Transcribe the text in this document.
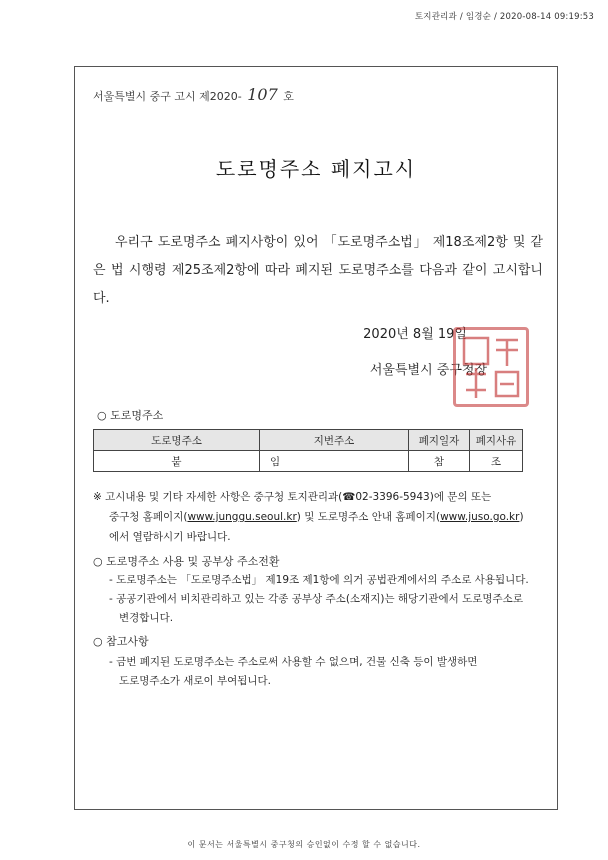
토지관리과 / 임경순 / 2020-08-14 09:19:53
서울특별시 중구 고시 제2020- 107 호
도로명주소 폐지고시
우리구 도로명주소 폐지사항이 있어 「도로명주소법」 제18조제2항 및 같은 법 시행령 제25조제2항에 따라 폐지된 도로명주소를 다음과 같이 고시합니다.
2020년 8월 19일
서울특별시 중구청장
○ 도로명주소
도로명주소	지번주소	폐지일자	폐지사유
붙	임	참	조
※ 고시내용 및 기타 자세한 사항은 중구청 토지관리과(☎02-3396-5943)에 문의 또는
중구청 홈페이지(www.junggu.seoul.kr) 및 도로명주소 안내 홈페이지(www.juso.go.kr)
에서 열람하시기 바랍니다.
○ 도로명주소 사용 및 공부상 주소전환
- 도로명주소는 「도로명주소법」 제19조 제1항에 의거 공법관계에서의 주소로 사용됩니다.
- 공공기관에서 비치관리하고 있는 각종 공부상 주소(소재지)는 해당기관에서 도로명주소로
변경합니다.
○ 참고사항
- 금번 폐지된 도로명주소는 주소로써 사용할 수 없으며, 건물 신축 등이 발생하면
도로명주소가 새로이 부여됩니다.
이 문서는 서울특별시 중구청의 승인없이 수정 할 수 없습니다.
